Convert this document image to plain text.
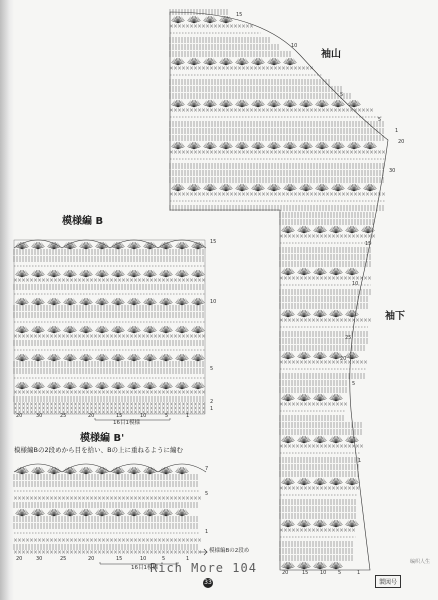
袖山
袖下
模様編 B
模様編 B'
模様編Bの2段めから目を拾い、Bの上に重ねるように編む
16目1模様
16目1模様
模様編Bの2段め
15
10
5
5
1
20
30
15
10
5
1
25
20
20	15 10 5	1
15
10
5
2
1
20	30	25	20	15	10	5	1
7
5
1
20	30	25	20	15	10	5	1
Rich More 104
33	製図号
编织人生
